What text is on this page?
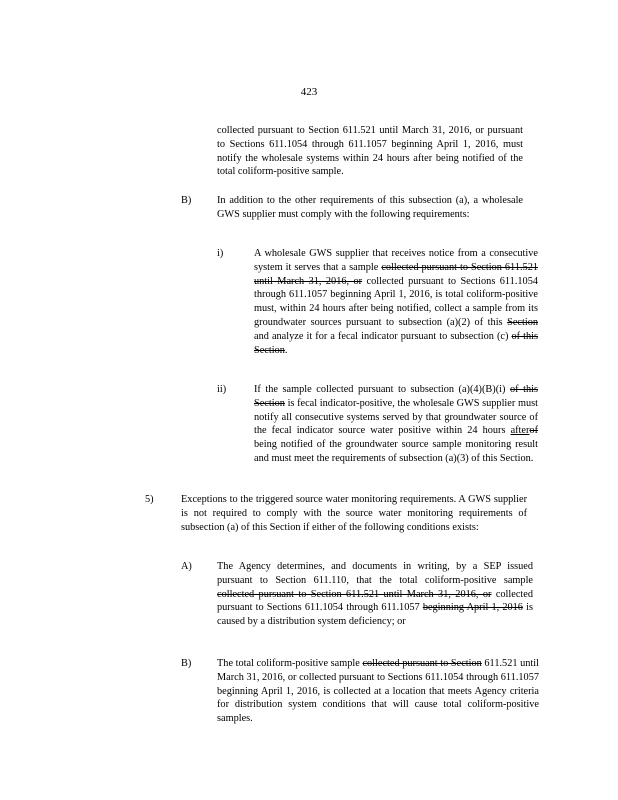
423
collected pursuant to Section 611.521 until March 31, 2016, or pursuant to Sections 611.1054 through 611.1057 beginning April 1, 2016, must notify the wholesale systems within 24 hours after being notified of the total coliform-positive sample.
B) In addition to the other requirements of this subsection (a), a wholesale GWS supplier must comply with the following requirements:
i)	A wholesale GWS supplier that receives notice from a consecutive system it serves that a sample collected pursuant to Section 611.521 until March 31, 2016, or collected pursuant to Sections 611.1054 through 611.1057 beginning April 1, 2016, is total coliform-positive must, within 24 hours after being notified, collect a sample from its groundwater sources pursuant to subsection (a)(2) of this Section and analyze it for a fecal indicator pursuant to subsection (c) of this Section.
ii)	If the sample collected pursuant to subsection (a)(4)(B)(i) of this Section is fecal indicator-positive, the wholesale GWS supplier must notify all consecutive systems served by that groundwater source of the fecal indicator source water positive within 24 hours afterof being notified of the groundwater source sample monitoring result and must meet the requirements of subsection (a)(3) of this Section.
5)	Exceptions to the triggered source water monitoring requirements. A GWS supplier is not required to comply with the source water monitoring requirements of subsection (a) of this Section if either of the following conditions exists:
A) The Agency determines, and documents in writing, by a SEP issued pursuant to Section 611.110, that the total coliform-positive sample collected pursuant to Section 611.521 until March 31, 2016, or collected pursuant to Sections 611.1054 through 611.1057 beginning April 1, 2016 is caused by a distribution system deficiency; or
B) The total coliform-positive sample collected pursuant to Section 611.521 until March 31, 2016, or collected pursuant to Sections 611.1054 through 611.1057 beginning April 1, 2016, is collected at a location that meets Agency criteria for distribution system conditions that will cause total coliform-positive samples.
